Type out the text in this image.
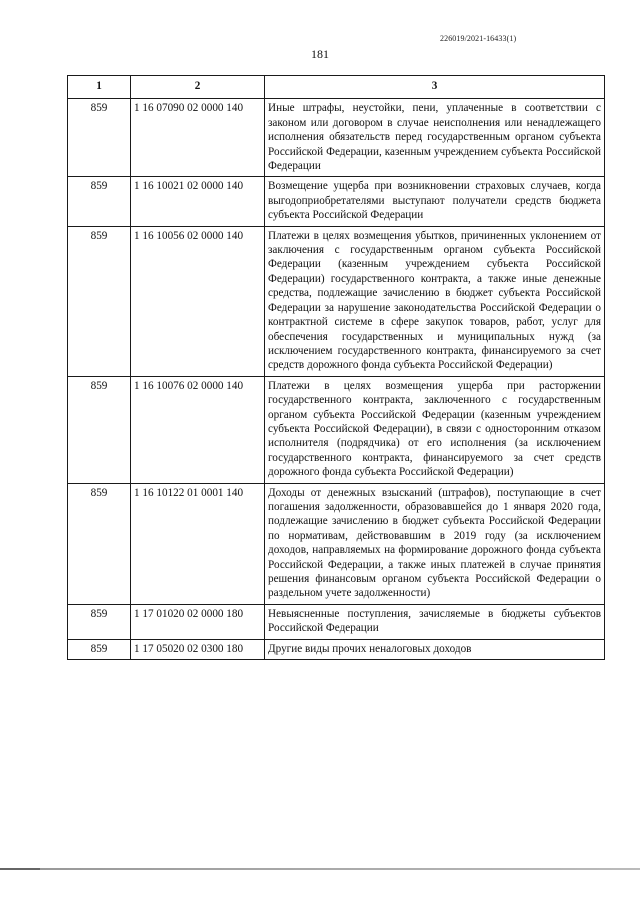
226019/2021-16433(1)
181
1	2	3
859	1 16 07090 02 0000 140	Иные штрафы, неустойки, пени, уплаченные в соответствии с законом или договором в случае неисполнения или ненадлежащего исполнения обязательств перед государственным органом субъекта Российской Федерации, казенным учреждением субъекта Российской Федерации
859	1 16 10021 02 0000 140	Возмещение ущерба при возникновении страховых случаев, когда выгодоприобретателями выступают получатели средств бюджета субъекта Российской Федерации
859	1 16 10056 02 0000 140	Платежи в целях возмещения убытков, причиненных уклонением от заключения с государственным органом субъекта Российской Федерации (казенным учреждением субъекта Российской Федерации) государственного контракта, а также иные денежные средства, подлежащие зачислению в бюджет субъекта Российской Федерации за нарушение законодательства Российской Федерации о контрактной системе в сфере закупок товаров, работ, услуг для обеспечения государственных и муниципальных нужд (за исключением государственного контракта, финансируемого за счет средств дорожного фонда субъекта Российской Федерации)
859	1 16 10076 02 0000 140	Платежи в целях возмещения ущерба при расторжении государственного контракта, заключенного с государственным органом субъекта Российской Федерации (казенным учреждением субъекта Российской Федерации), в связи с односторонним отказом исполнителя (подрядчика) от его исполнения (за исключением государственного контракта, финансируемого за счет средств дорожного фонда субъекта Российской Федерации)
859	1 16 10122 01 0001 140	Доходы от денежных взысканий (штрафов), поступающие в счет погашения задолженности, образовавшейся до 1 января 2020 года, подлежащие зачислению в бюджет субъекта Российской Федерации по нормативам, действовавшим в 2019 году (за исключением доходов, направляемых на формирование дорожного фонда субъекта Российской Федерации, а также иных платежей в случае принятия решения финансовым органом субъекта Российской Федерации о раздельном учете задолженности)
859	1 17 01020 02 0000 180	Невыясненные поступления, зачисляемые в бюджеты субъектов Российской Федерации
859	1 17 05020 02 0300 180	Другие виды прочих неналоговых доходов
